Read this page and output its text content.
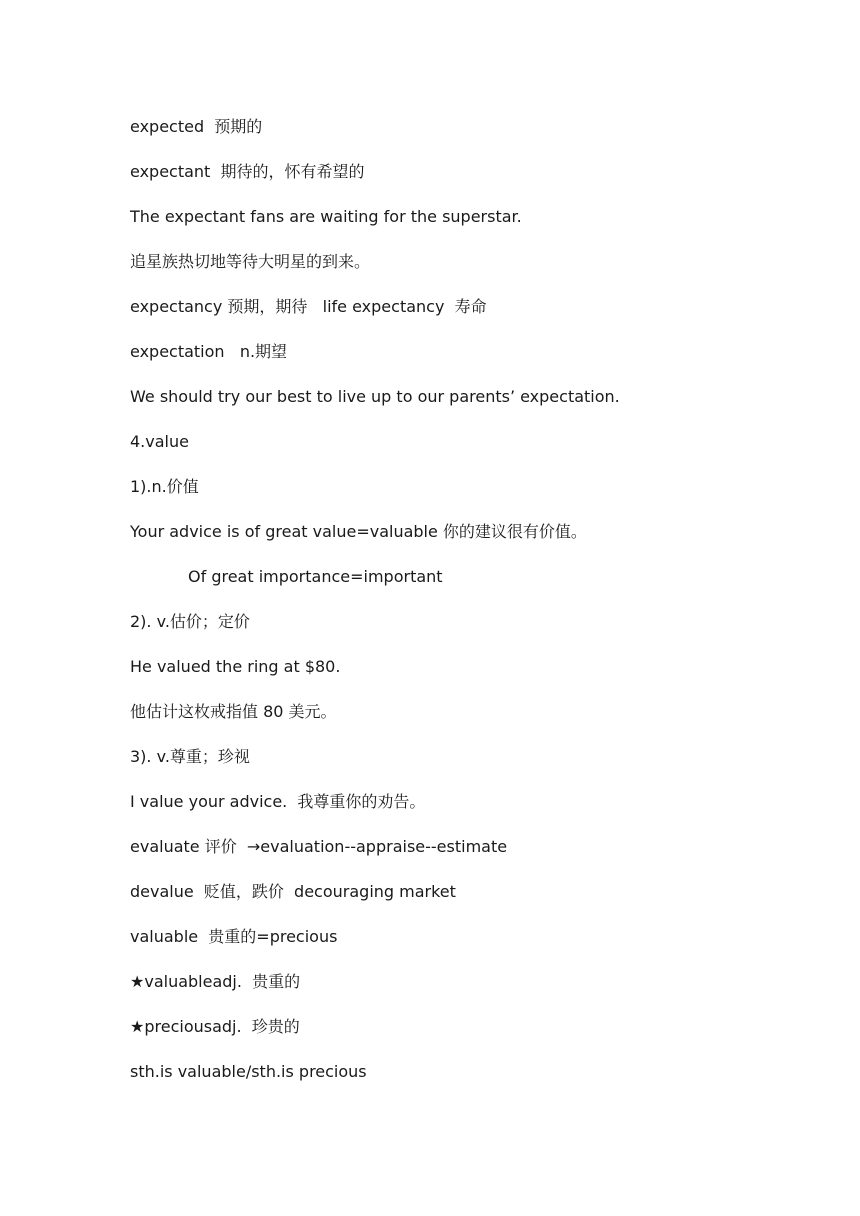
expected  预期的
expectant  期待的，怀有希望的
The expectant fans are waiting for the superstar.
追星族热切地等待大明星的到来。
expectancy 预期，期待   life expectancy  寿命
expectation   n.期望
We should try our best to live up to our parents’ expectation.
4.value
1).n.价值
Your advice is of great value=valuable 你的建议很有价值。
Of great importance=important
2). v.估价；定价
He valued the ring at $80.
他估计这枚戒指值 80 美元。
3). v.尊重；珍视
I value your advice.  我尊重你的劝告。
evaluate 评价  →evaluation--appraise--estimate
devalue  贬值，跌价  decouraging market
valuable  贵重的=precious
★valuableadj.  贵重的
★preciousadj.  珍贵的
sth.is valuable/sth.is precious
